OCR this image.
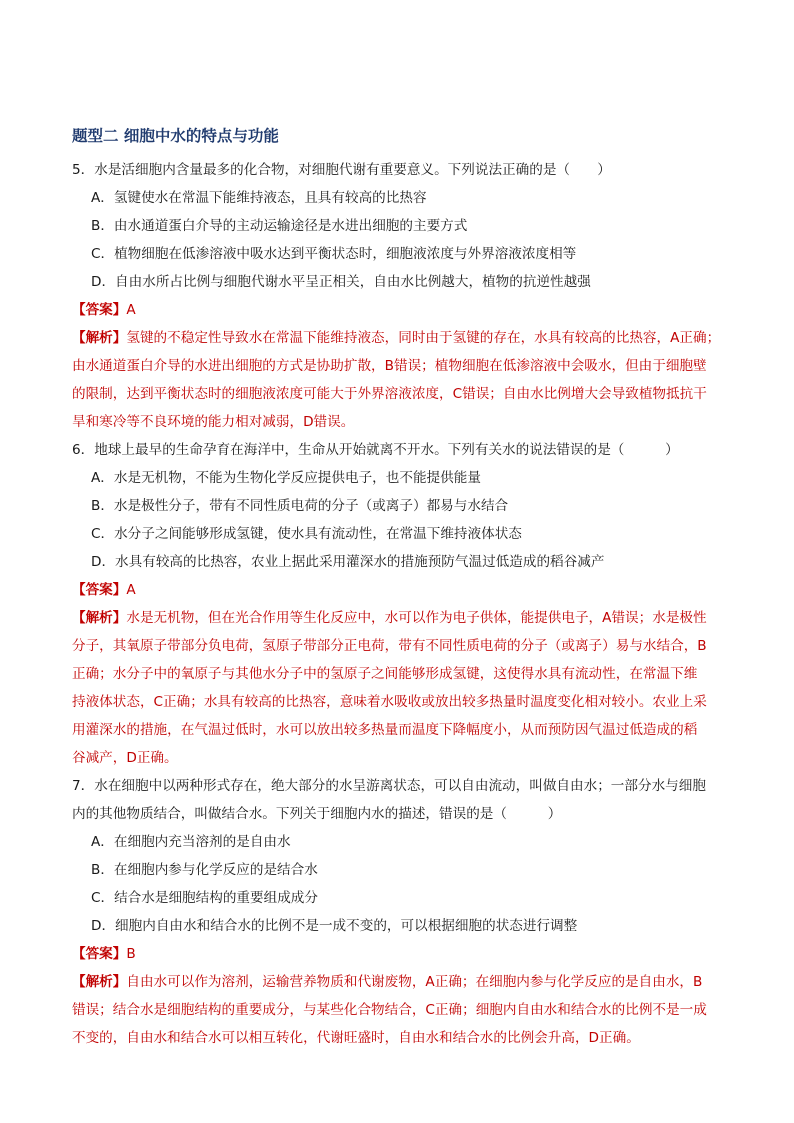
题型二 细胞中水的特点与功能
5．水是活细胞内含量最多的化合物，对细胞代谢有重要意义。下列说法正确的是（　　）
A．氢键使水在常温下能维持液态，且具有较高的比热容
B．由水通道蛋白介导的主动运输途径是水进出细胞的主要方式
C．植物细胞在低渗溶液中吸水达到平衡状态时，细胞液浓度与外界溶液浓度相等
D．自由水所占比例与细胞代谢水平呈正相关，自由水比例越大，植物的抗逆性越强
【答案】A
【解析】氢键的不稳定性导致水在常温下能维持液态，同时由于氢键的存在，水具有较高的比热容，A正确；
由水通道蛋白介导的水进出细胞的方式是协助扩散，B错误；植物细胞在低渗溶液中会吸水，但由于细胞壁
的限制，达到平衡状态时的细胞液浓度可能大于外界溶液浓度，C错误；自由水比例增大会导致植物抵抗干
旱和寒冷等不良环境的能力相对减弱，D错误。
6．地球上最早的生命孕育在海洋中，生命从开始就离不开水。下列有关水的说法错误的是（　　　）
A．水是无机物，不能为生物化学反应提供电子，也不能提供能量
B．水是极性分子，带有不同性质电荷的分子（或离子）都易与水结合
C．水分子之间能够形成氢键，使水具有流动性，在常温下维持液体状态
D．水具有较高的比热容，农业上据此采用灌深水的措施预防气温过低造成的稻谷减产
【答案】A
【解析】水是无机物，但在光合作用等生化反应中，水可以作为电子供体，能提供电子，A错误；水是极性
分子，其氧原子带部分负电荷，氢原子带部分正电荷，带有不同性质电荷的分子（或离子）易与水结合，B
正确；水分子中的氧原子与其他水分子中的氢原子之间能够形成氢键，这使得水具有流动性，在常温下维
持液体状态，C正确；水具有较高的比热容，意味着水吸收或放出较多热量时温度变化相对较小。农业上采
用灌深水的措施，在气温过低时，水可以放出较多热量而温度下降幅度小，从而预防因气温过低造成的稻
谷减产，D正确。
7．水在细胞中以两种形式存在，绝大部分的水呈游离状态，可以自由流动，叫做自由水；一部分水与细胞
内的其他物质结合，叫做结合水。下列关于细胞内水的描述，错误的是（　　　）
A．在细胞内充当溶剂的是自由水
B．在细胞内参与化学反应的是结合水
C．结合水是细胞结构的重要组成成分
D．细胞内自由水和结合水的比例不是一成不变的，可以根据细胞的状态进行调整
【答案】B
【解析】自由水可以作为溶剂，运输营养物质和代谢废物，A正确；在细胞内参与化学反应的是自由水，B
错误；结合水是细胞结构的重要成分，与某些化合物结合，C正确；细胞内自由水和结合水的比例不是一成
不变的，自由水和结合水可以相互转化，代谢旺盛时，自由水和结合水的比例会升高，D正确。
